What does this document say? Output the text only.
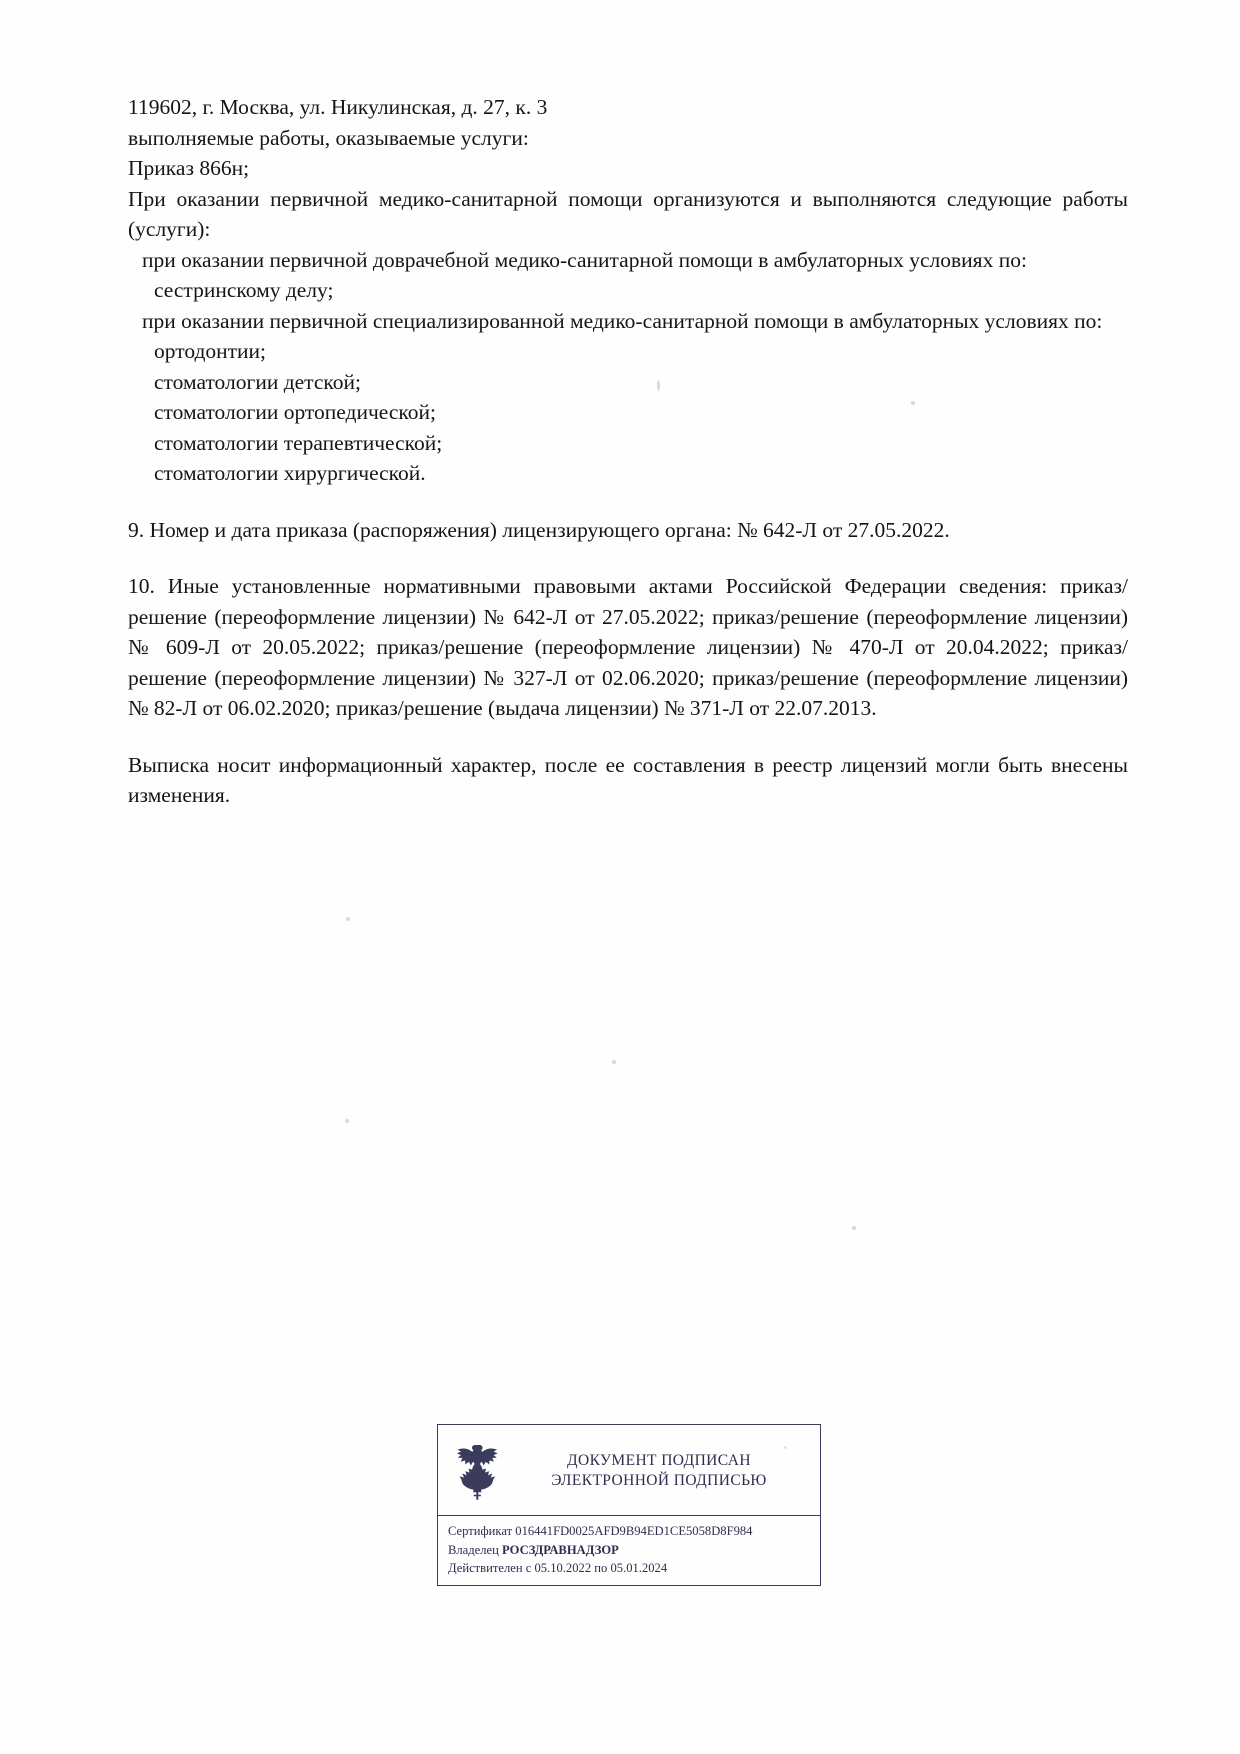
119602, г. Москва, ул. Никулинская, д. 27, к. 3

выполняемые работы, оказываемые услуги:

Приказ 866н;

При оказании первичной медико-санитарной помощи организуются и выполняются следующие работы (услуги):

при оказании первичной доврачебной медико-санитарной помощи в амбулаторных условиях по:

сестринскому делу;

при оказании первичной специализированной медико-санитарной помощи в амбулаторных условиях по:

ортодонтии;

стоматологии детской;

стоматологии ортопедической;

стоматологии терапевтической;

стоматологии хирургической.

9. Номер и дата приказа (распоряжения) лицензирующего органа: № 642-Л от 27.05.2022.

10. Иные установленные нормативными правовыми актами Российской Федерации сведения: приказ/решение (переоформление лицензии) № 642-Л от 27.05.2022; приказ/решение (переоформление лицензии) № 609-Л от 20.05.2022; приказ/решение (переоформление лицензии) № 470-Л от 20.04.2022; приказ/решение (переоформление лицензии) № 327-Л от 02.06.2020; приказ/решение (переоформление лицензии) № 82-Л от 06.02.2020; приказ/решение (выдача лицензии) № 371-Л от 22.07.2013.

Выписка носит информационный характер, после ее составления в реестр лицензий могли быть внесены изменения.

ДОКУМЕНТ ПОДПИСАН
ЭЛЕКТРОННОЙ ПОДПИСЬЮ
Сертификат 016441FD0025AFD9B94ED1CE5058D8F984
Владелец РОСЗДРАВНАДЗОР
Действителен с 05.10.2022 по 05.01.2024
